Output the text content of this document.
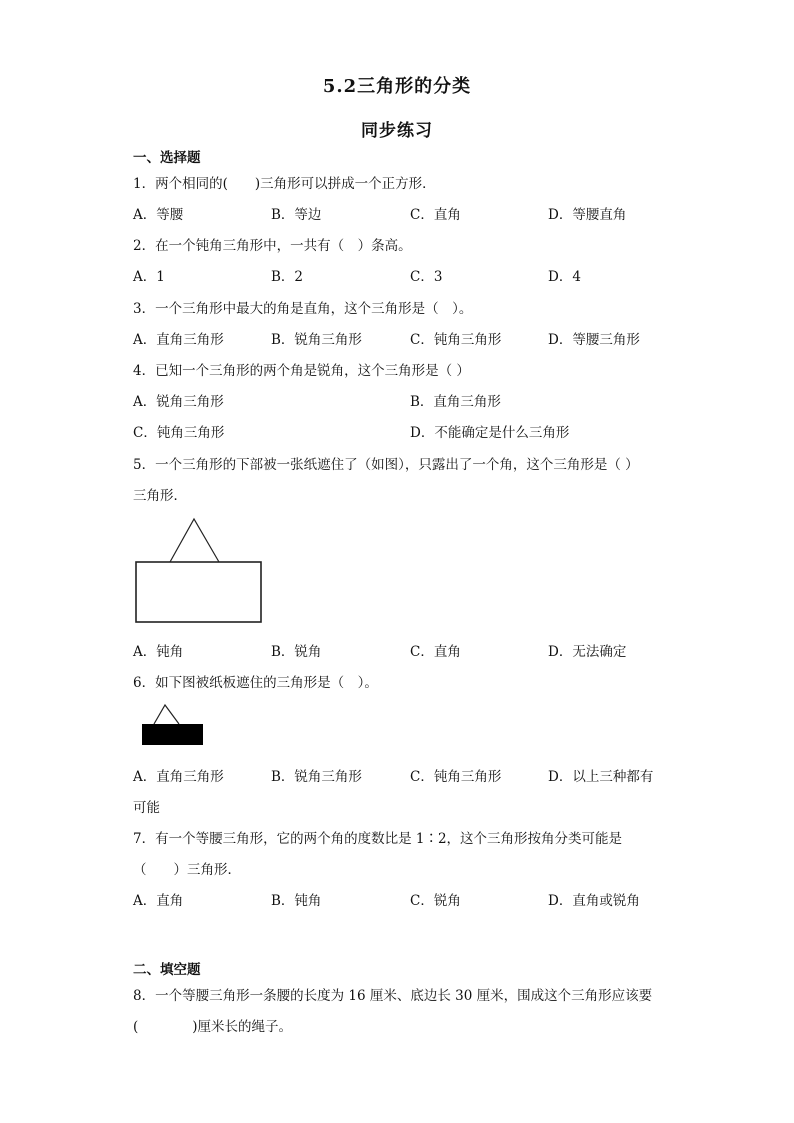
5.2三角形的分类
同步练习
一、选择题
1．两个相同的(　　)三角形可以拼成一个正方形．
A．等腰	B．等边	C．直角	D．等腰直角
2．在一个钝角三角形中，一共有（　）条高。
A．1	B．2	C．3	D．4
3．一个三角形中最大的角是直角，这个三角形是（　）。
A．直角三角形	B．锐角三角形	C．钝角三角形	D．等腰三角形
4．已知一个三角形的两个角是锐角，这个三角形是（ ）
A．锐角三角形	B．直角三角形
C．钝角三角形	D．不能确定是什么三角形
5．一个三角形的下部被一张纸遮住了（如图），只露出了一个角，这个三角形是（ ）
三角形．
A．钝角	B．锐角	C．直角	D．无法确定
6．如下图被纸板遮住的三角形是（　）。
A．直角三角形	B．锐角三角形	C．钝角三角形	D．以上三种都有
可能
7．有一个等腰三角形，它的两个角的度数比是 1∶2，这个三角形按角分类可能是
（　　）三角形．
A．直角	B．钝角	C．锐角	D．直角或锐角
二、填空题
8．一个等腰三角形一条腰的长度为 16 厘米、底边长 30 厘米，围成这个三角形应该要
(　　　　)厘米长的绳子。
